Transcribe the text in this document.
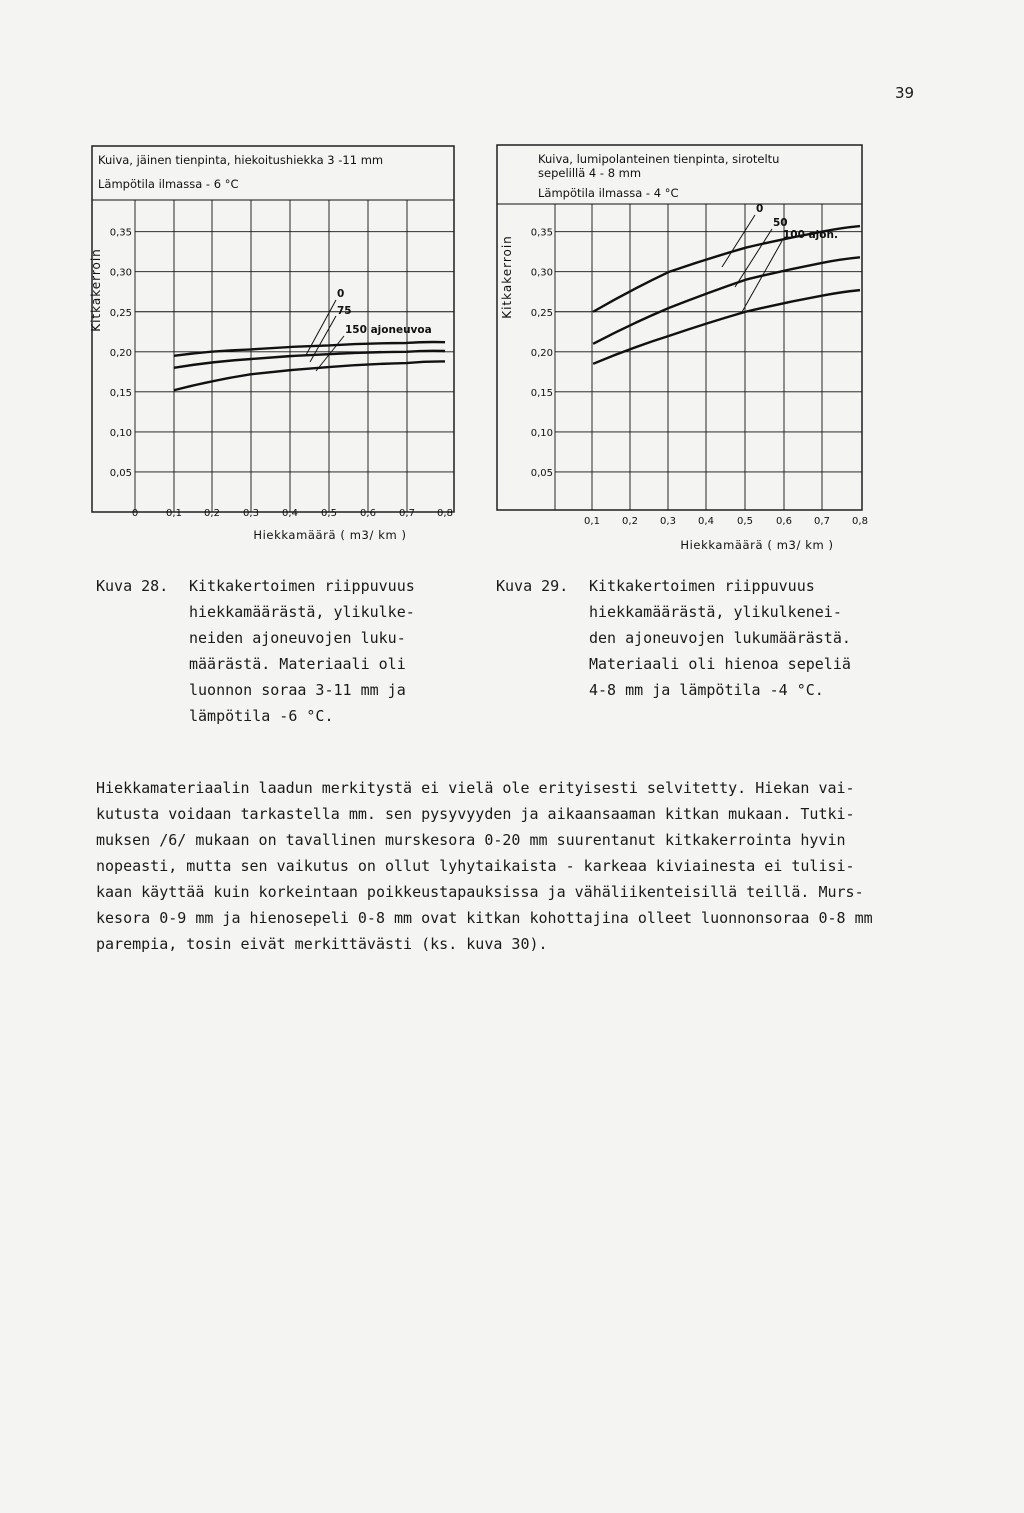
39
0,05
0,10
0,15
0,20
0,25
0,30
0,35
0	0,1 0,2 0,3 0,4 0,5 0,6 0,7 0,8
Kuiva, jäinen tienpinta, hiekoitushiekka 3 -11 mm
Lämpötila ilmassa - 6 °C
Hiekkamäärä ( m3/ km )
Kitkakerroin	0
75
150 ajoneuvoa
0,05
0,10
0,15
0,20
0,25
0,30
0,35
0,1 0,2 0,3 0,4 0,5 0,6 0,7 0,8
Kuiva, lumipolanteinen tienpinta, siroteltu
sepelillä 4 - 8 mm
Lämpötila ilmassa - 4 °C
Hiekkamäärä ( m3/ km )
Kitkakerroin
0
50
100 ajon.
Kuva 28. Kitkakertoimen riippuvuus
hiekkamäärästä, ylikulke-
neiden ajoneuvojen luku-
määrästä. Materiaali oli
luonnon soraa 3-11 mm ja
lämpötila -6 °C.
Kuva 29. Kitkakertoimen riippuvuus
hiekkamäärästä, ylikulkenei-
den ajoneuvojen lukumäärästä.
Materiaali oli hienoa sepeliä
4-8 mm ja lämpötila -4 °C.
Hiekkamateriaalin laadun merkitystä ei vielä ole erityisesti selvitetty. Hiekan vai-
kutusta voidaan tarkastella mm. sen pysyvyyden ja aikaansaaman kitkan mukaan. Tutki-
muksen /6/ mukaan on tavallinen murskesora 0-20 mm suurentanut kitkakerrointa hyvin
nopeasti, mutta sen vaikutus on ollut lyhytaikaista - karkeaa kiviainesta ei tulisi-
kaan käyttää kuin korkeintaan poikkeustapauksissa ja vähäliikenteisillä teillä. Murs-
kesora 0-9 mm ja hienosepeli 0-8 mm ovat kitkan kohottajina olleet luonnonsoraa 0-8 mm
parempia, tosin eivät merkittävästi (ks. kuva 30).
